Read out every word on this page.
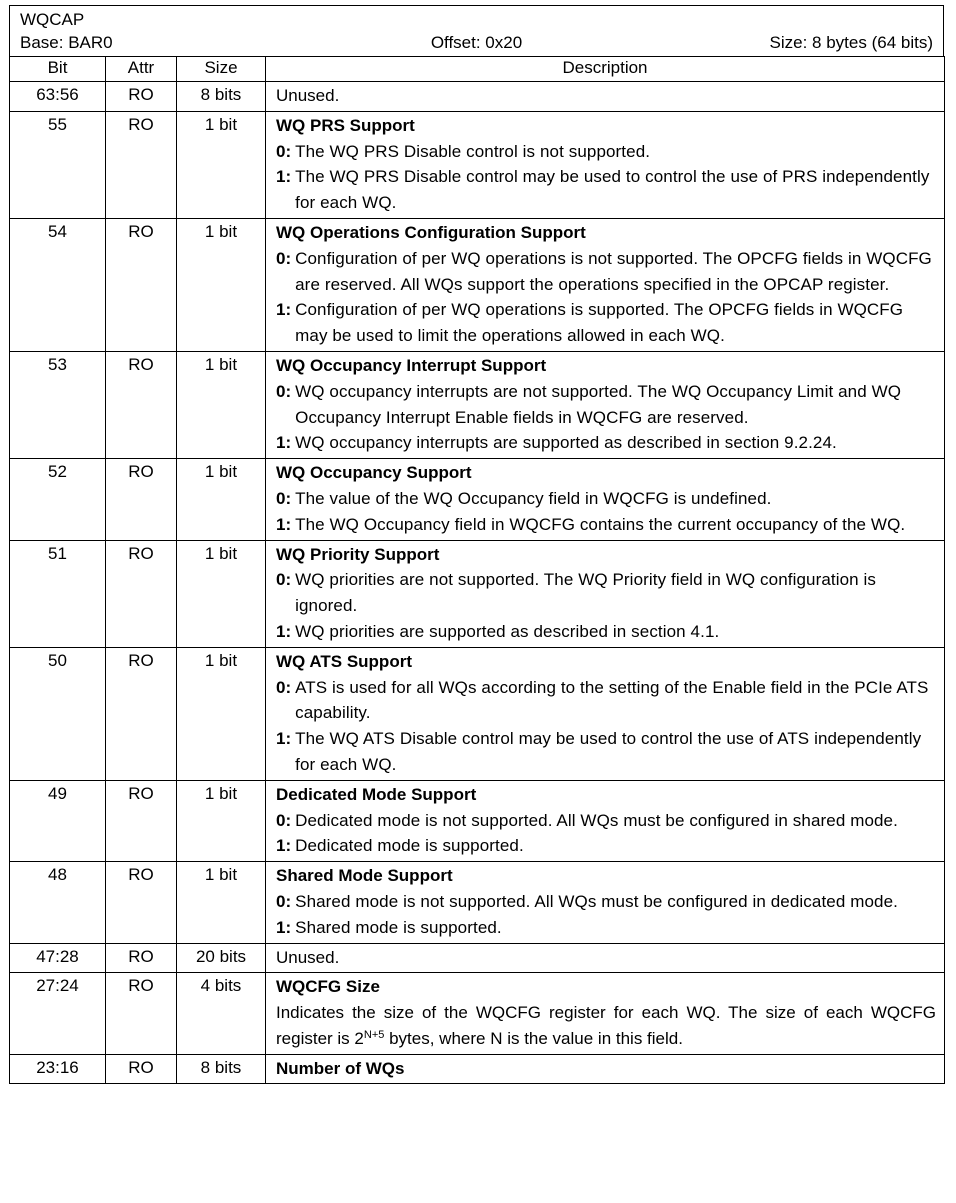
WQCAP
Base: BAR0	Offset: 0x20	Size: 8 bytes (64 bits)
Bit	Attr	Size	Description
63:56	RO	8 bits	Unused.

55	RO	1 bit	WQ PRS Support
0: The WQ PRS Disable control is not supported.
1: The WQ PRS Disable control may be used to control the use of PRS independently for each WQ.

54	RO	1 bit	WQ Operations Configuration Support
0: Configuration of per WQ operations is not supported. The OPCFG fields in WQCFG are reserved. All WQs support the operations specified in the OPCAP register.
1: Configuration of per WQ operations is supported. The OPCFG fields in WQCFG may be used to limit the operations allowed in each WQ.

53	RO	1 bit	WQ Occupancy Interrupt Support
0: WQ occupancy interrupts are not supported. The WQ Occupancy Limit and WQ Occupancy Interrupt Enable fields in WQCFG are reserved.
1: WQ occupancy interrupts are supported as described in section 9.2.24.

52	RO	1 bit	WQ Occupancy Support
0: The value of the WQ Occupancy field in WQCFG is undefined.
1: The WQ Occupancy field in WQCFG contains the current occupancy of the WQ.

51	RO	1 bit	WQ Priority Support
0: WQ priorities are not supported. The WQ Priority field in WQ configuration is ignored.
1: WQ priorities are supported as described in section 4.1.

50	RO	1 bit	WQ ATS Support
0: ATS is used for all WQs according to the setting of the Enable field in the PCIe ATS capability.
1: The WQ ATS Disable control may be used to control the use of ATS independently for each WQ.

49	RO	1 bit	Dedicated Mode Support
0: Dedicated mode is not supported. All WQs must be configured in shared mode.
1: Dedicated mode is supported.

48	RO	1 bit	Shared Mode Support
0: Shared mode is not supported. All WQs must be configured in dedicated mode.
1: Shared mode is supported.

47:28	RO	20 bits	Unused.

27:24	RO	4 bits	WQCFG Size
Indicates the size of the WQCFG register for each WQ. The size of each WQCFG register is $2^{N+5}$ bytes, where N is the value in this field.

23:16	RO	8 bits	Number of WQs
